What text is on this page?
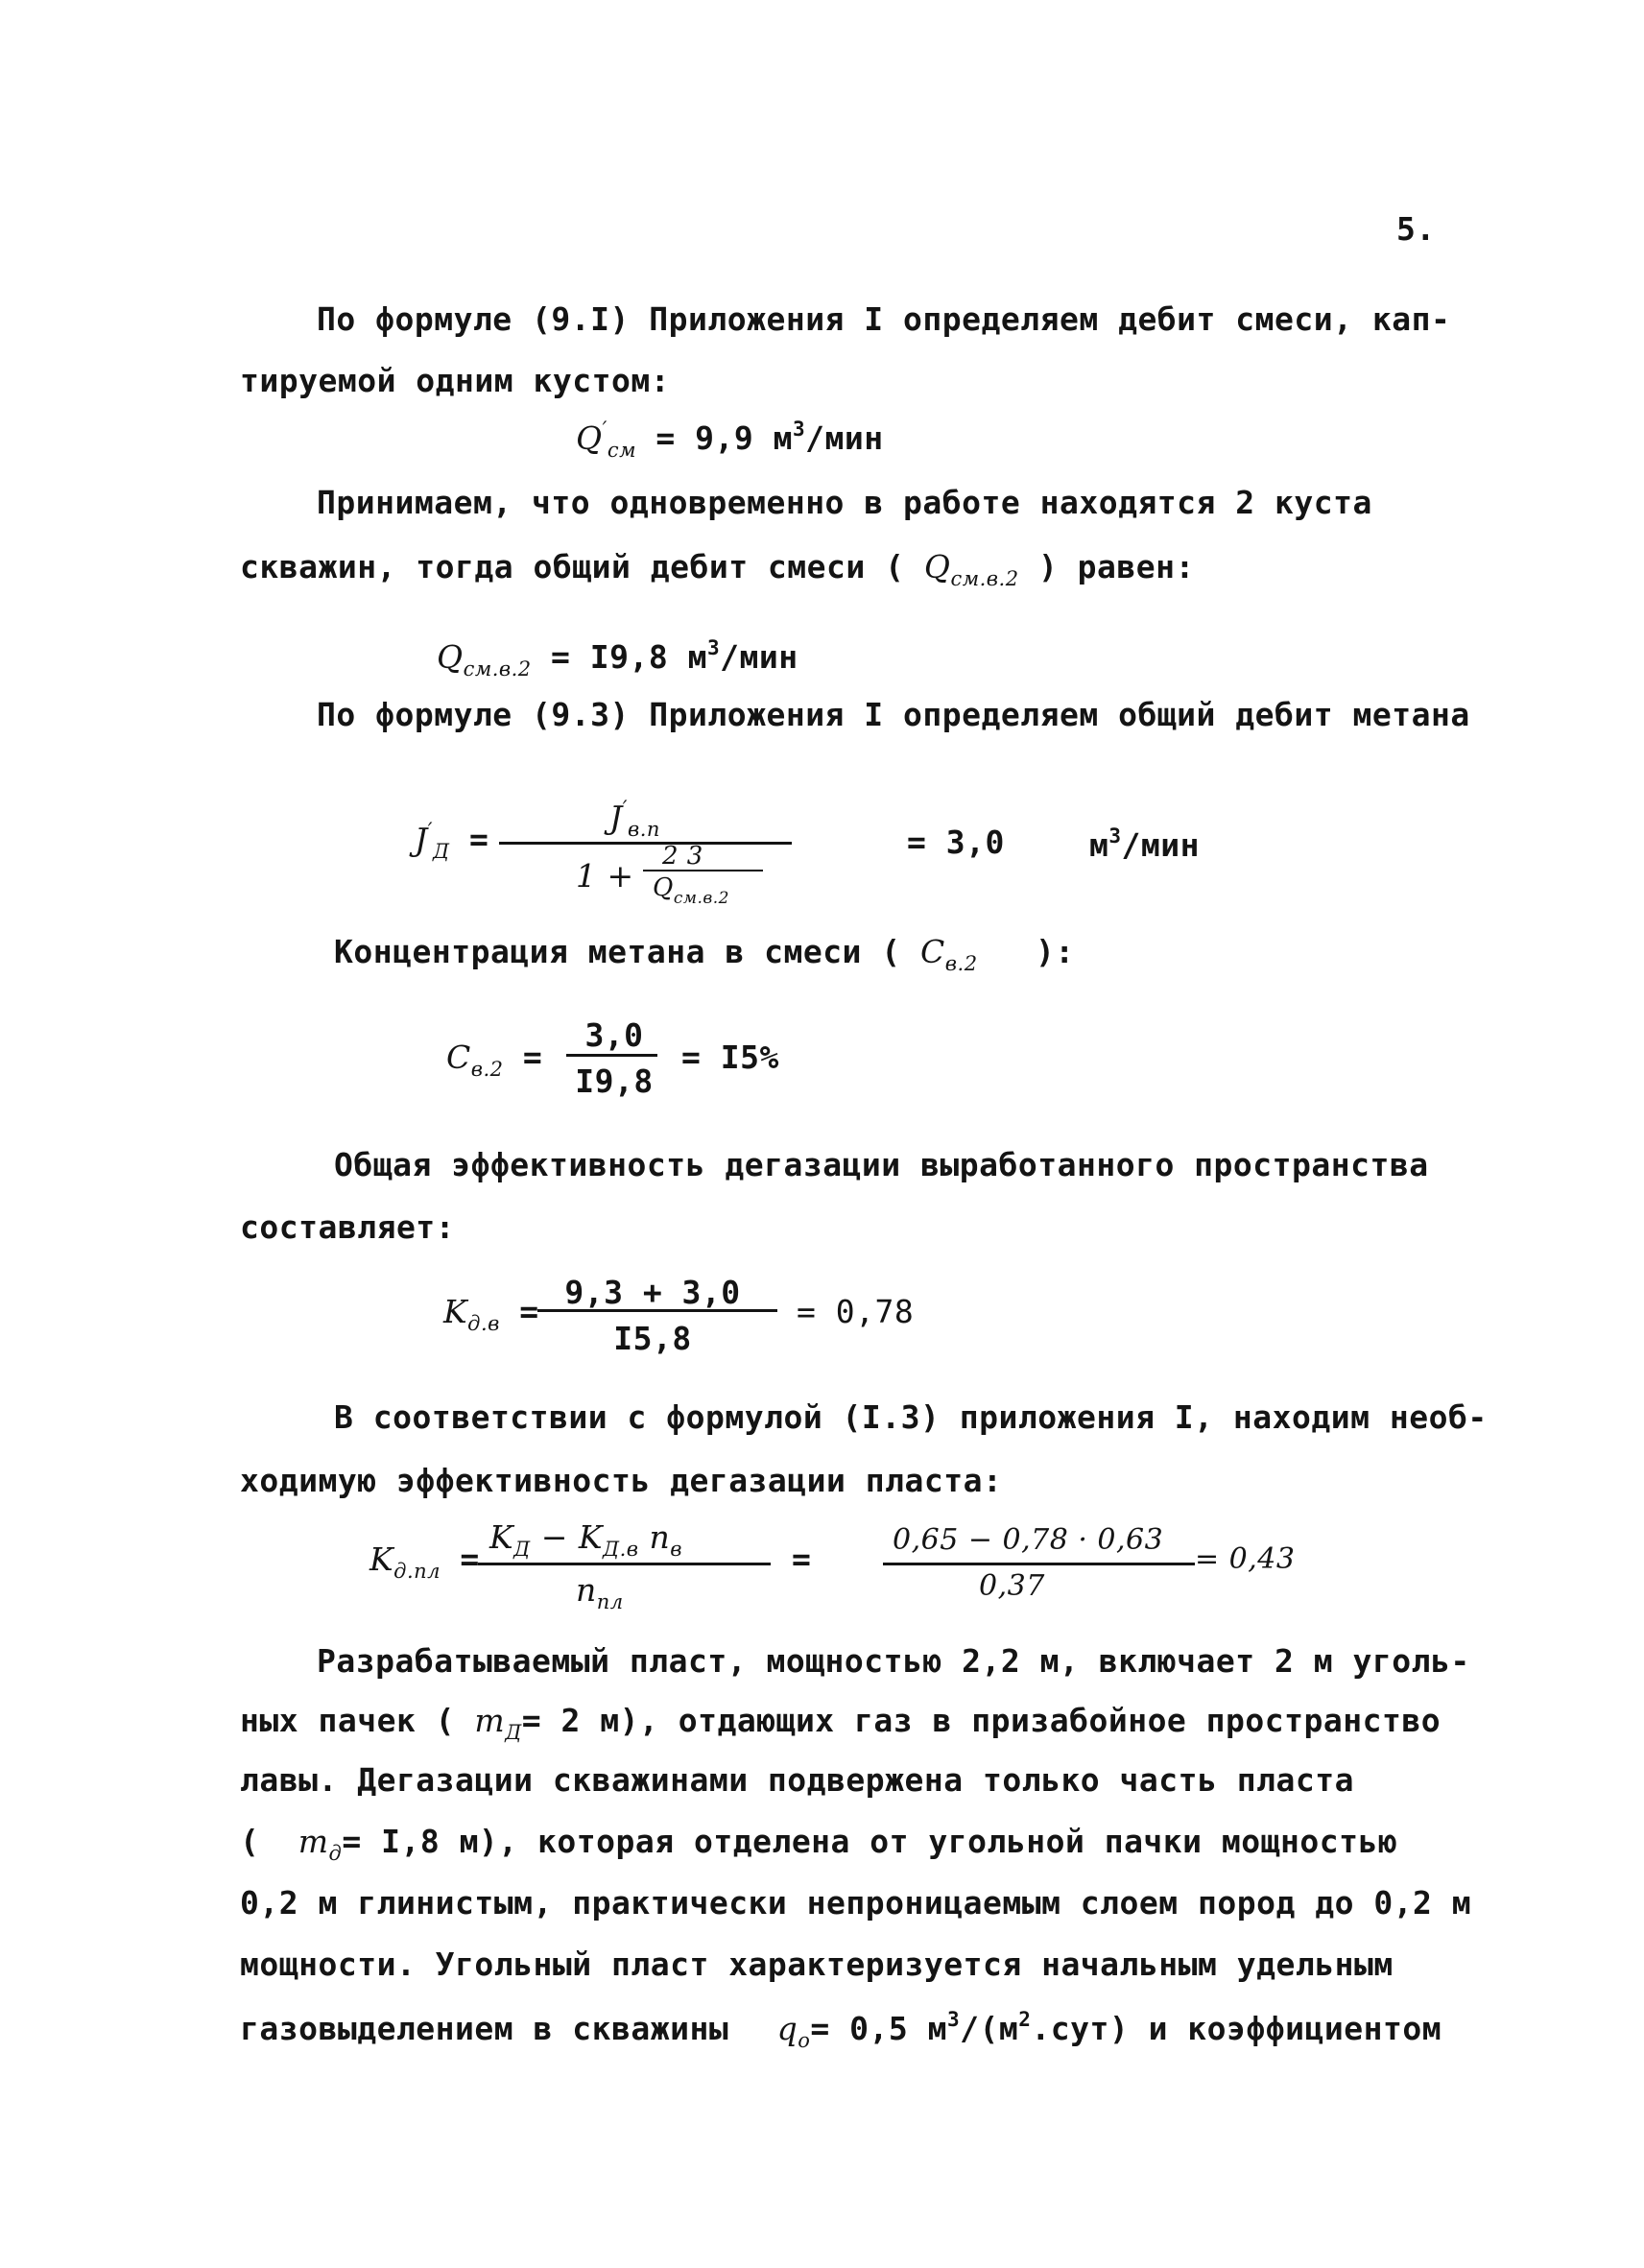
5.
По формуле (9.I) Приложения I определяем дебит смеси, кап-
тируемой одним кустом:
$Q'_{см} = 9,9$ $м^3$/мин
Принимаем, что одновременно в работе находятся 2 куста
скважин, тогда общий дебит смеси ( $Q_{см.в.2}$ ) равен:
$Q_{см.в.2} = I9,8$ $м^3$/мин
По формуле (9.3) Приложения I определяем общий дебит метана
$J'_Д$ =
$J'_{в.п}$
1 +
2 3
$Q_{см.в.2}$
= 3,0	$м^3$/мин
Концентрация метана в смеси ( $C_{в.2}$ ):
$C_{в.2}$ =
3,0
I9,8
= I5%
Общая эффективность дегазации выработанного пространства
составляет:
$K_{д.в}$ =
9,3 + 3,0
I5,8
= 0,78
В соответствии с формулой (I.3) приложения I, находим необ-
ходимую эффективность дегазации пласта:
$K_{д.пл}$ =
$K_Д - K_{Д.в}$ $n_в$
$n_{пл}$
=
0,65 − 0,78 · 0,63
0,37
= 0,43
Разрабатываемый пласт, мощностью 2,2 м, включает 2 м уголь-
ных пачек ( $m_Д= 2$ м), отдающих газ в призабойное пространство
лавы. Дегазации скважинами подвержена только часть пласта
( $m_д= I,8$ м), которая отделена от угольной пачки мощностью
0,2 м глинистым, практически непроницаемым слоем пород до 0,2 м
мощности. Угольный пласт характеризуется начальным удельным
газовыделением в скважины $q_o= 0,5$ $м^3/(м^2.сут)$ и коэффициентом
